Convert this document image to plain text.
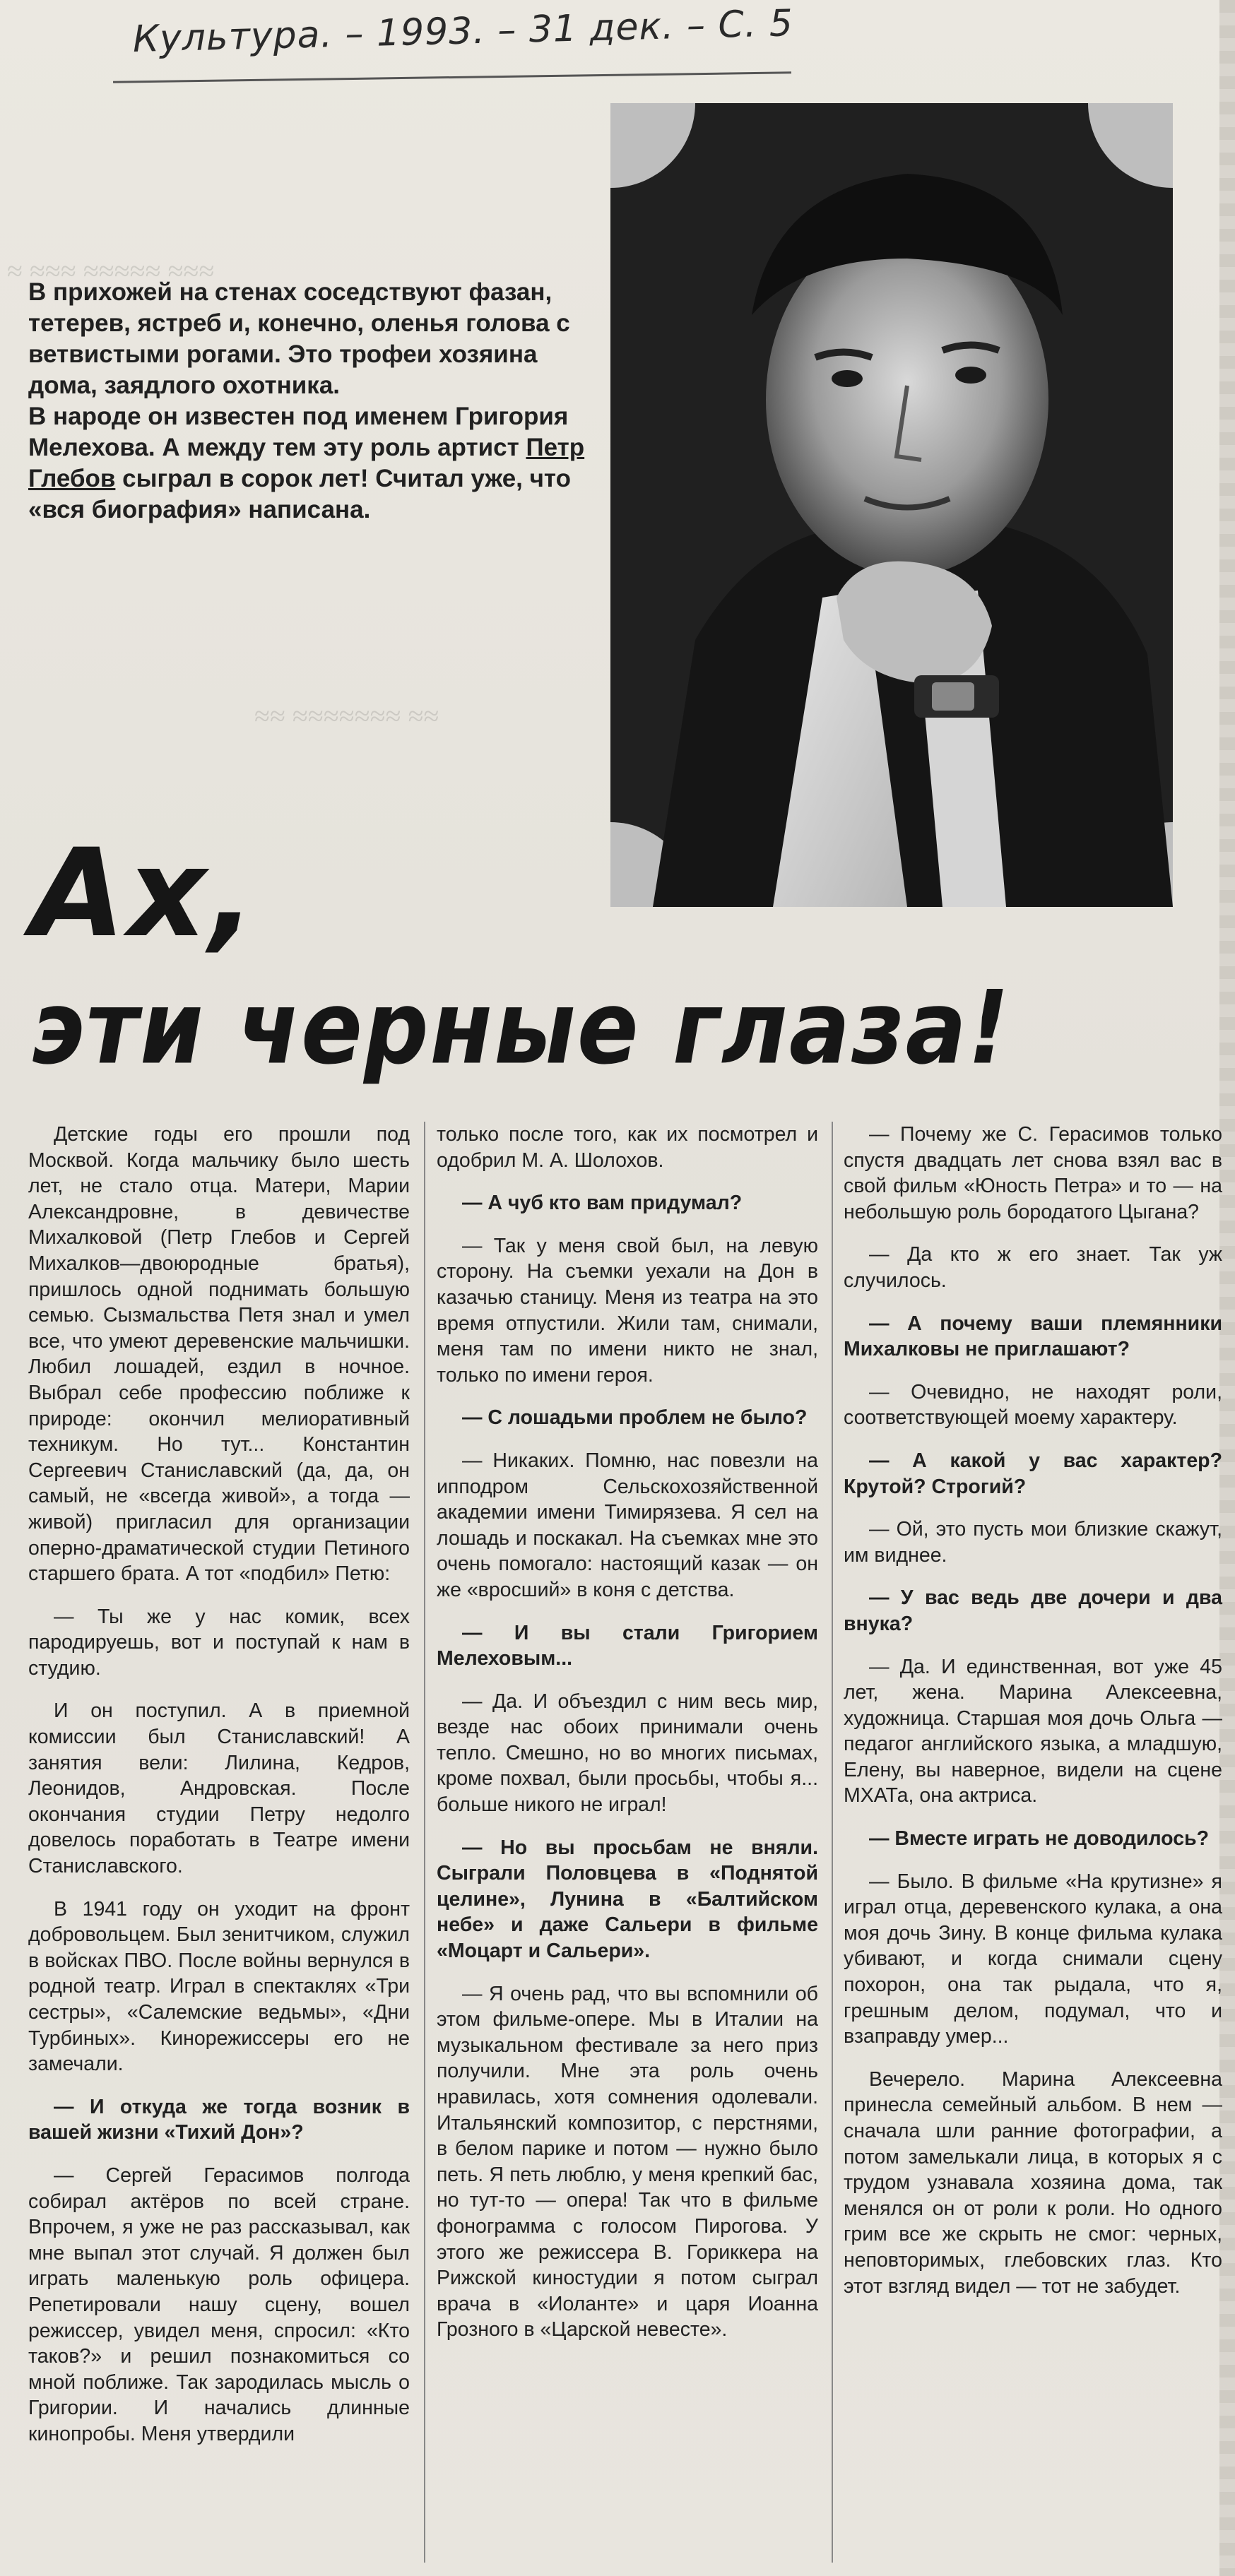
≈ ≈≈≈ ≈≈≈≈≈ ≈≈≈
≈≈ ≈≈≈≈≈≈≈ ≈≈
Культура. – 1993. – 31 дек. – С. 5

В прихожей на стенах соседствуют фазан, тетерев, ястреб и, конечно, оленья голова с ветвистыми рогами. Это трофеи хозяина дома, заядлого охотника.

В народе он известен под именем Григория Мелехова. А между тем эту роль артист Петр Глебов сыграл в сорок лет! Считал уже, что «вся биография» написана.

Ах,
эти черные глаза!

Детские годы его прошли под Москвой. Когда мальчику было шесть лет, не стало отца. Матери, Марии Александровне, в девичестве Михалковой (Петр Глебов и Сергей Михалков—двоюродные братья), пришлось одной поднимать большую семью. Сызмальства Петя знал и умел все, что умеют деревенские мальчишки. Любил лошадей, ездил в ночное. Выбрал себе профессию поближе к природе: окончил мелиоративный техникум. Но тут... Константин Сергеевич Станиславский (да, да, он самый, не «всегда живой», а тогда — живой) пригласил для организации оперно-драматической студии Петиного старшего брата. А тот «подбил» Петю:

— Ты же у нас комик, всех пародируешь, вот и поступай к нам в студию.

И он поступил. А в приемной комиссии был Станиславский! А занятия вели: Лилина, Кедров, Леонидов, Андровская. После окончания студии Петру недолго довелось поработать в Театре имени Станиславского.

В 1941 году он уходит на фронт добровольцем. Был зенитчиком, служил в войсках ПВО. После войны вернулся в родной театр. Играл в спектаклях «Три сестры», «Салемские ведьмы», «Дни Турбиных». Кинорежиссеры его не замечали.

— И откуда же тогда возник в вашей жизни «Тихий Дон»?

— Сергей Герасимов полгода собирал актёров по всей стране. Впрочем, я уже не раз рассказывал, как мне выпал этот случай. Я должен был играть маленькую роль офицера. Репетировали нашу сцену, вошел режиссер, увидел меня, спросил: «Кто таков?» и решил познакомиться со мной поближе. Так зародилась мысль о Григории. И начались длинные кинопробы. Меня утвердили

только после того, как их посмотрел и одобрил М. А. Шолохов.

— А чуб кто вам придумал?

— Так у меня свой был, на левую сторону. На съемки уехали на Дон в казачью станицу. Меня из театра на это время отпустили. Жили там, снимали, меня там по имени никто не знал, только по имени героя.

— С лошадьми проблем не было?

— Никаких. Помню, нас повезли на ипподром Сельскохозяйственной академии имени Тимирязева. Я сел на лошадь и поскакал. На съемках мне это очень помогало: настоящий казак — он же «вросший» в коня с детства.

— И вы стали Григорием Мелеховым...

— Да. И объездил с ним весь мир, везде нас обоих принимали очень тепло. Смешно, но во многих письмах, кроме похвал, были просьбы, чтобы я... больше никого не играл!

— Но вы просьбам не вняли. Сыграли Половцева в «Поднятой целине», Лунина в «Балтийском небе» и даже Сальери в фильме «Моцарт и Сальери».

— Я очень рад, что вы вспомнили об этом фильме-опере. Мы в Италии на музыкальном фестивале за него приз получили. Мне эта роль очень нравилась, хотя сомнения одолевали. Итальянский композитор, с перстнями, в белом парике и потом — нужно было петь. Я петь люблю, у меня крепкий бас, но тут-то — опера! Так что в фильме фонограмма с голосом Пирогова. У этого же режиссера В. Гориккера на Рижской киностудии я потом сыграл врача в «Иоланте» и царя Иоанна Грозного в «Царской невесте».

— Почему же С. Герасимов только спустя двадцать лет снова взял вас в свой фильм «Юность Петра» и то — на небольшую роль бородатого Цыгана?

— Да кто ж его знает. Так уж случилось.

— А почему ваши племянники Михалковы не приглашают?

— Очевидно, не находят роли, соответствующей моему характеру.

— А какой у вас характер? Крутой? Строгий?

— Ой, это пусть мои близкие скажут, им виднее.

— У вас ведь две дочери и два внука?

— Да. И единственная, вот уже 45 лет, жена. Марина Алексеевна, художница. Старшая моя дочь Ольга — педагог английского языка, а младшую, Елену, вы наверное, видели на сцене МХАТа, она актриса.

— Вместе играть не доводилось?

— Было. В фильме «На крутизне» я играл отца, деревенского кулака, а она моя дочь Зину. В конце фильма кулака убивают, и когда снимали сцену похорон, она так рыдала, что я, грешным делом, подумал, что и взаправду умер...

Вечерело. Марина Алексеевна принесла семейный альбом. В нем — сначала шли ранние фотографии, а потом замелькали лица, в которых я с трудом узнавала хозяина дома, так менялся он от роли к роли. Но одного грим все же скрыть не смог: черных, неповторимых, глебовских глаз. Кто этот взгляд видел — тот не забудет.
